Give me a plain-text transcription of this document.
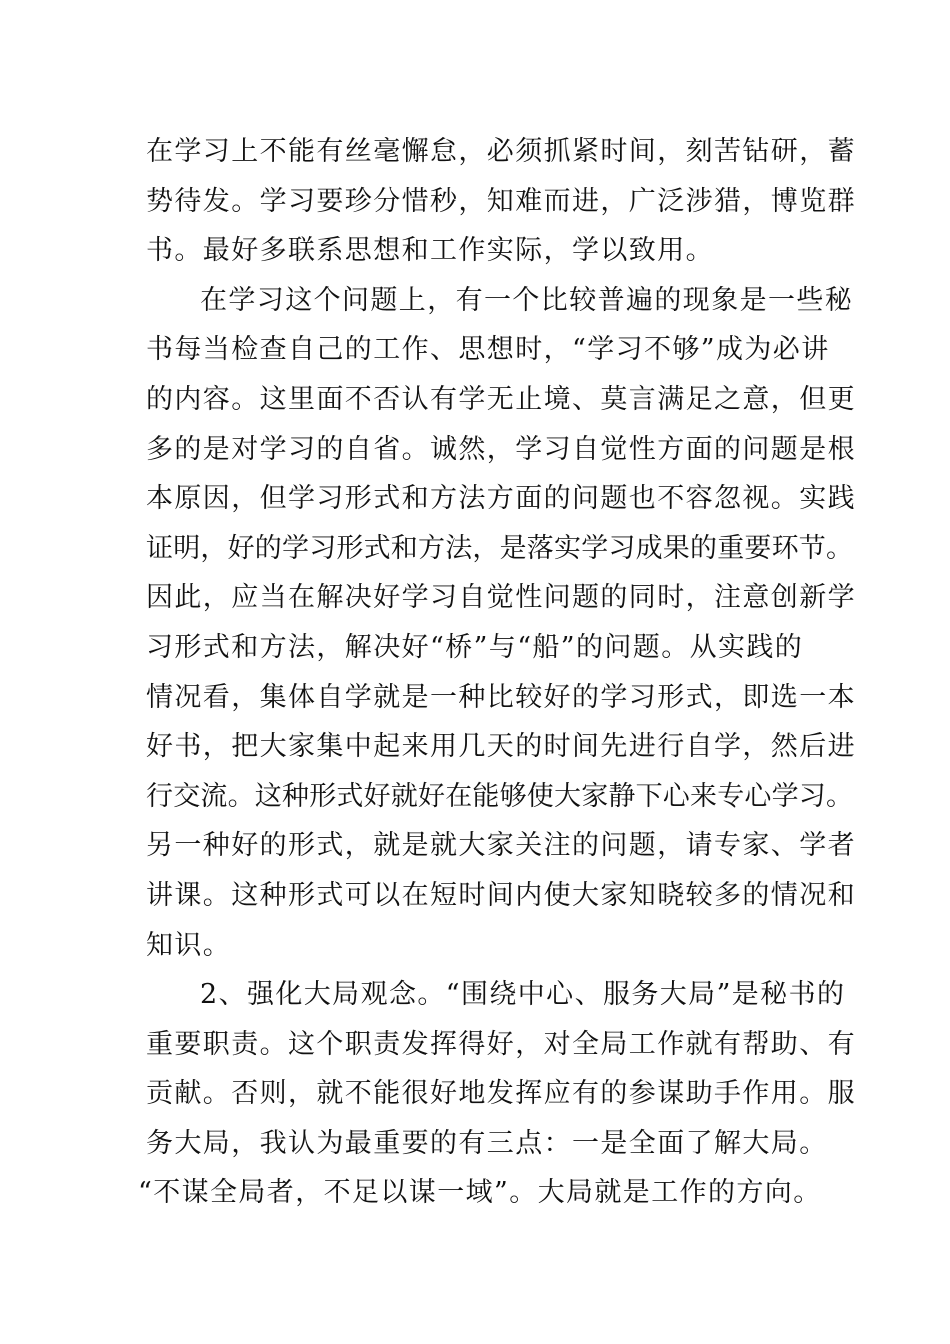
在学习上不能有丝毫懈怠，必须抓紧时间，刻苦钻研，蓄
势待发。学习要珍分惜秒，知难而进，广泛涉猎，博览群
书。最好多联系思想和工作实际，学以致用。
在学习这个问题上，有一个比较普遍的现象是一些秘
书每当检查自己的工作、思想时，“学习不够”成为必讲
的内容。这里面不否认有学无止境、莫言满足之意，但更
多的是对学习的自省。诚然，学习自觉性方面的问题是根
本原因，但学习形式和方法方面的问题也不容忽视。实践
证明，好的学习形式和方法，是落实学习成果的重要环节。
因此，应当在解决好学习自觉性问题的同时，注意创新学
习形式和方法，解决好“桥”与“船”的问题。从实践的
情况看，集体自学就是一种比较好的学习形式，即选一本
好书，把大家集中起来用几天的时间先进行自学，然后进
行交流。这种形式好就好在能够使大家静下心来专心学习。
另一种好的形式，就是就大家关注的问题，请专家、学者
讲课。这种形式可以在短时间内使大家知晓较多的情况和
知识。
2、强化大局观念。“围绕中心、服务大局”是秘书的
重要职责。这个职责发挥得好，对全局工作就有帮助、有
贡献。否则，就不能很好地发挥应有的参谋助手作用。服
务大局，我认为最重要的有三点：一是全面了解大局。
“不谋全局者，不足以谋一域”。大局就是工作的方向。
